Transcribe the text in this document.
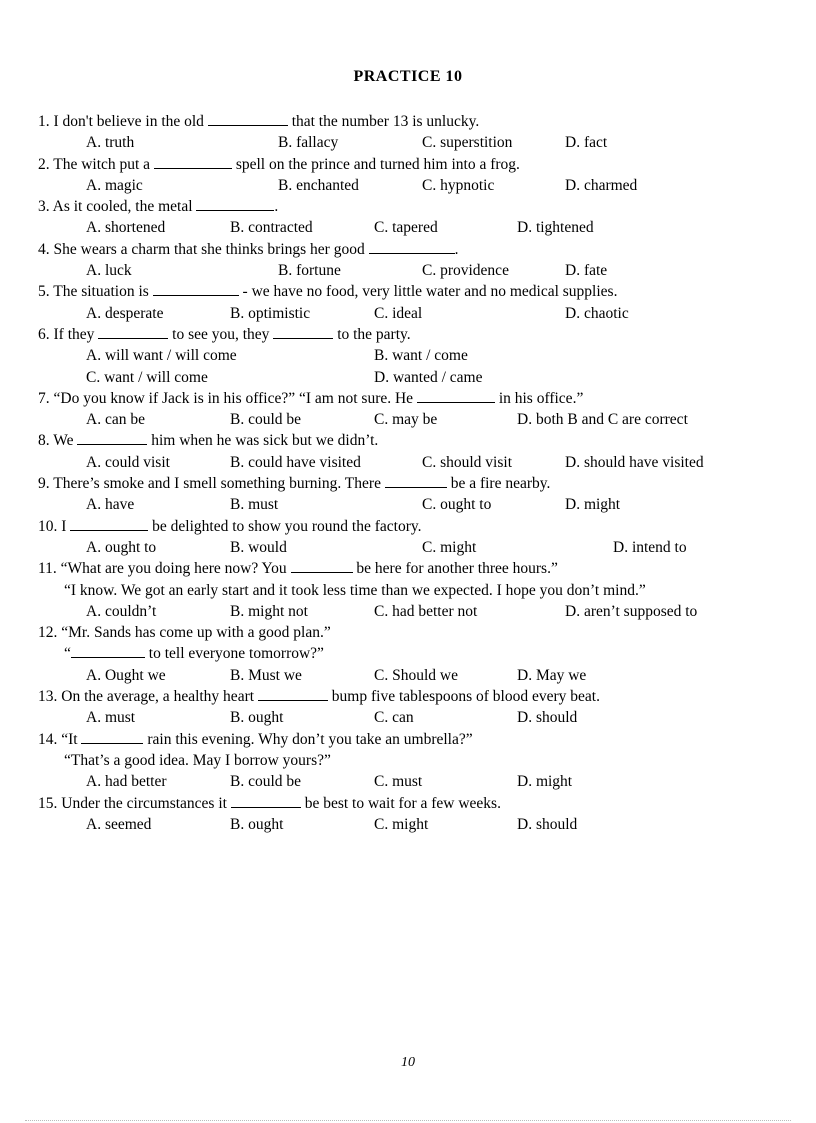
PRACTICE 10
1. I don't believe in the old	that the number 13 is unlucky.
A. truth	B. fallacy	C. superstition	D. fact
2. The witch put a	spell on the prince and turned him into a frog.
A. magic	B. enchanted	C. hypnotic	D. charmed
3. As it cooled, the metal	.
A. shortened	B. contracted	C. tapered	D. tightened
4. She wears a charm that she thinks brings her good	.
A. luck	B. fortune	C. providence	D. fate
5. The situation is	- we have no food, very little water and no medical supplies.
A. desperate	B. optimistic	C. ideal	D. chaotic
6. If they	to see you, they	to the party.
A. will want / will come	B. want / come
C. want / will come	D. wanted / came
7. “Do you know if Jack is in his office?” “I am not sure. He	in his office.”
A. can be	B. could be	C. may be	D. both B and C are correct
8. We	him when he was sick but we didn’t.
A. could visit	B. could have visited	C. should visit	D. should have visited
9. There’s smoke and I smell something burning. There	be a fire nearby.
A. have	B. must	C. ought to	D. might
10. I	be delighted to show you round the factory.
A. ought to	B. would	C. might	D. intend to
11. “What are you doing here now? You	be here for another three hours.”
“I know. We got an early start and it took less time than we expected. I hope you don’t mind.”
A. couldn’t	B. might not	C. had better not	D. aren’t supposed to
12. “Mr. Sands has come up with a good plan.”
“	to tell everyone tomorrow?”
A. Ought we	B. Must we	C. Should we	D. May we
13. On the average, a healthy heart	bump five tablespoons of blood every beat.
A. must	B. ought	C. can	D. should
14. “It	rain this evening. Why don’t you take an umbrella?”
“That’s a good idea. May I borrow yours?”
A. had better	B. could be	C. must	D. might
15. Under the circumstances it	be best to wait for a few weeks.
A. seemed	B. ought	C. might	D. should
10
